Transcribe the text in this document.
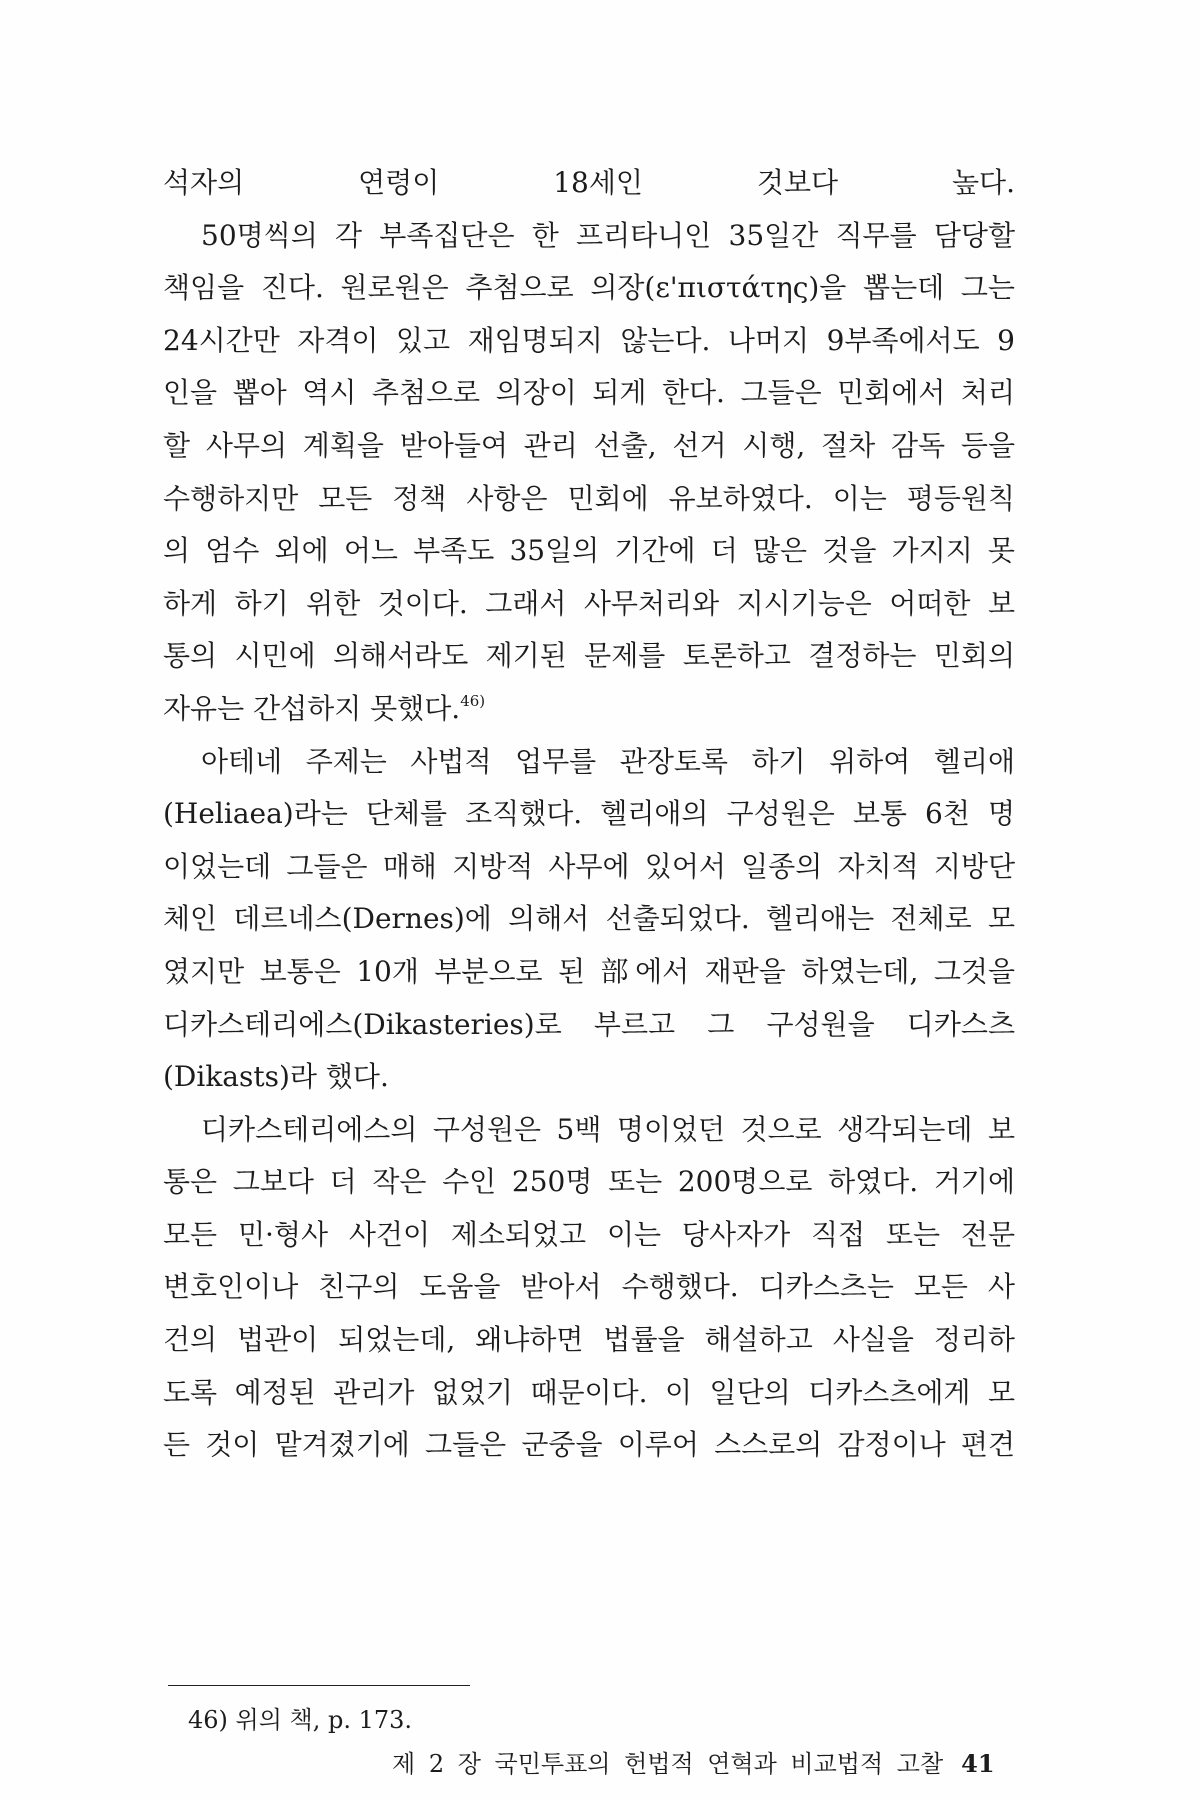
석자의 연령이 18세인 것보다 높다.
50명씩의 각 부족집단은 한 프리타니인 35일간 직무를 담당할
책임을 진다. 원로원은 추첨으로 의장(ε'πιστάτης)을 뽑는데 그는
24시간만 자격이 있고 재임명되지 않는다. 나머지 9부족에서도 9
인을 뽑아 역시 추첨으로 의장이 되게 한다. 그들은 민회에서 처리
할 사무의 계획을 받아들여 관리 선출, 선거 시행, 절차 감독 등을
수행하지만 모든 정책 사항은 민회에 유보하였다. 이는 평등원칙
의 엄수 외에 어느 부족도 35일의 기간에 더 많은 것을 가지지 못
하게 하기 위한 것이다. 그래서 사무처리와 지시기능은 어떠한 보
통의 시민에 의해서라도 제기된 문제를 토론하고 결정하는 민회의
자유는 간섭하지 못했다.$^{46)}$
아테네 주제는 사법적 업무를 관장토록 하기 위하여 헬리애
(Heliaea)라는 단체를 조직했다. 헬리애의 구성원은 보통 6천 명
이었는데 그들은 매해 지방적 사무에 있어서 일종의 자치적 지방단
체인 데르네스(Dernes)에 의해서 선출되었다. 헬리애는 전체로 모
였지만 보통은 10개 부분으로 된 部에서 재판을 하였는데, 그것을
디카스테리에스(Dikasteries)로 부르고 그 구성원을 디카스츠
(Dikasts)라 했다.
디카스테리에스의 구성원은 5백 명이었던 것으로 생각되는데 보
통은 그보다 더 작은 수인 250명 또는 200명으로 하였다. 거기에
모든 민·형사 사건이 제소되었고 이는 당사자가 직접 또는 전문
변호인이나 친구의 도움을 받아서 수행했다. 디카스츠는 모든 사
건의 법관이 되었는데, 왜냐하면 법률을 해설하고 사실을 정리하
도록 예정된 관리가 없었기 때문이다. 이 일단의 디카스츠에게 모
든 것이 맡겨졌기에 그들은 군중을 이루어 스스로의 감정이나 편견
46) 위의 책, p. 173.
제 2 장 국민투표의 헌법적 연혁과 비교법적 고찰 41
